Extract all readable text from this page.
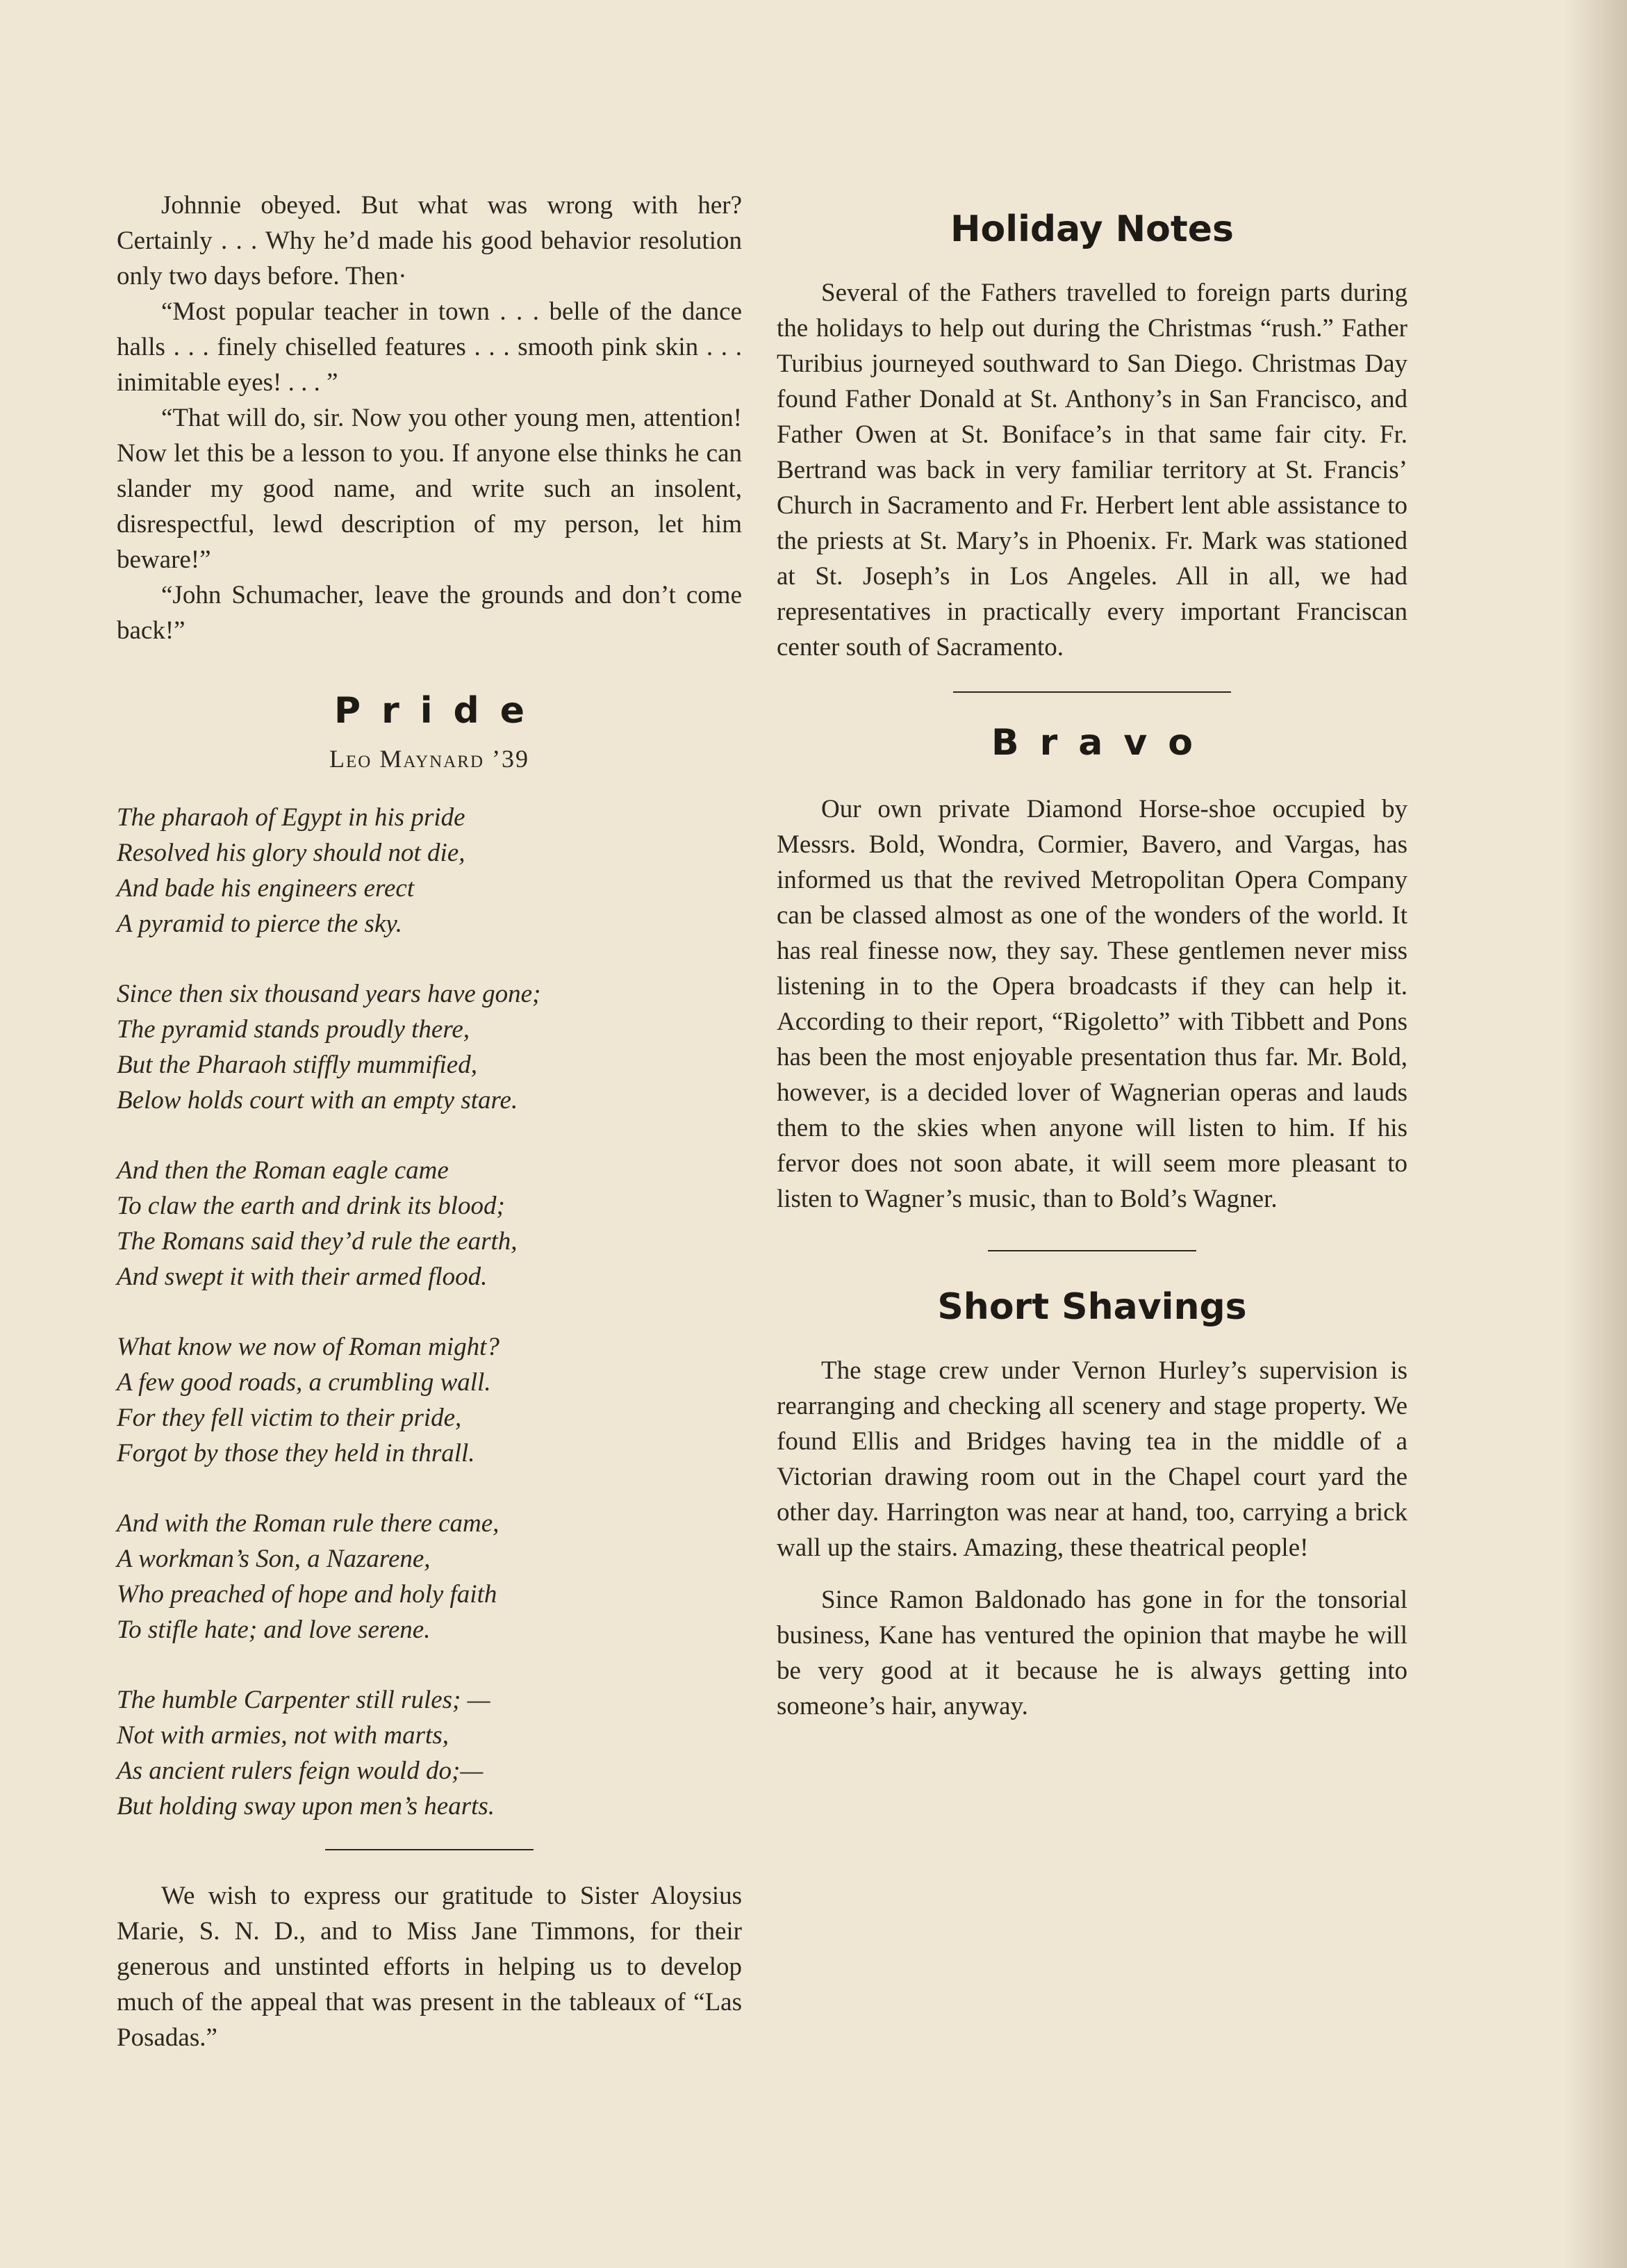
Johnnie obeyed. But what was wrong with her? Certainly . . . Why he’d made his good behavior resolution only two days before. Then·

“Most popular teacher in town . . . belle of the dance halls . . . finely chiselled features . . . smooth pink skin . . . inimitable eyes! . . . ”

“That will do, sir. Now you other young men, attention! Now let this be a lesson to you. If anyone else thinks he can slander my good name, and write such an insolent, disrespectful, lewd description of my person, let him beware!”

“John Schumacher, leave the grounds and don’t come back!”

Pride
Leo Maynard ’39
The pharaoh of Egypt in his pride
Resolved his glory should not die,
And bade his engineers erect
A pyramid to pierce the sky.
Since then six thousand years have gone;
The pyramid stands proudly there,
But the Pharaoh stiffly mummified,
Below holds court with an empty stare.
And then the Roman eagle came
To claw the earth and drink its blood;
The Romans said they’d rule the earth,
And swept it with their armed flood.
What know we now of Roman might?
A few good roads, a crumbling wall.
For they fell victim to their pride,
Forgot by those they held in thrall.
And with the Roman rule there came,
A workman’s Son, a Nazarene,
Who preached of hope and holy faith
To stifle hate; and love serene.
The humble Carpenter still rules; —
Not with armies, not with marts,
As ancient rulers feign would do;—
But holding sway upon men’s hearts.

We wish to express our gratitude to Sister Aloysius Marie, S. N. D., and to Miss Jane Timmons, for their generous and unstinted efforts in helping us to develop much of the appeal that was present in the tableaux of “Las Posadas.”

Holiday Notes

Several of the Fathers travelled to foreign parts during the holidays to help out during the Christmas “rush.” Father Turibius journeyed southward to San Diego. Christmas Day found Father Donald at St. Anthony’s in San Francisco, and Father Owen at St. Boniface’s in that same fair city. Fr. Bertrand was back in very familiar territory at St. Francis’ Church in Sacramento and Fr. Herbert lent able assistance to the priests at St. Mary’s in Phoenix. Fr. Mark was stationed at St. Joseph’s in Los Angeles. All in all, we had representatives in practically every important Franciscan center south of Sacramento.

Bravo

Our own private Diamond Horse-shoe occupied by Messrs. Bold, Wondra, Cormier, Bavero, and Vargas, has informed us that the revived Metropolitan Opera Company can be classed almost as one of the wonders of the world. It has real finesse now, they say. These gentlemen never miss listening in to the Opera broadcasts if they can help it. According to their report, “Rigoletto” with Tibbett and Pons has been the most enjoyable presentation thus far. Mr. Bold, however, is a decided lover of Wagnerian operas and lauds them to the skies when anyone will listen to him. If his fervor does not soon abate, it will seem more pleasant to listen to Wagner’s music, than to Bold’s Wagner.

Short Shavings

The stage crew under Vernon Hurley’s supervision is rearranging and checking all scenery and stage property. We found Ellis and Bridges having tea in the middle of a Victorian drawing room out in the Chapel court yard the other day. Harrington was near at hand, too, carrying a brick wall up the stairs. Amazing, these theatrical people!

Since Ramon Baldonado has gone in for the tonsorial business, Kane has ventured the opinion that maybe he will be very good at it because he is always getting into someone’s hair, anyway.
